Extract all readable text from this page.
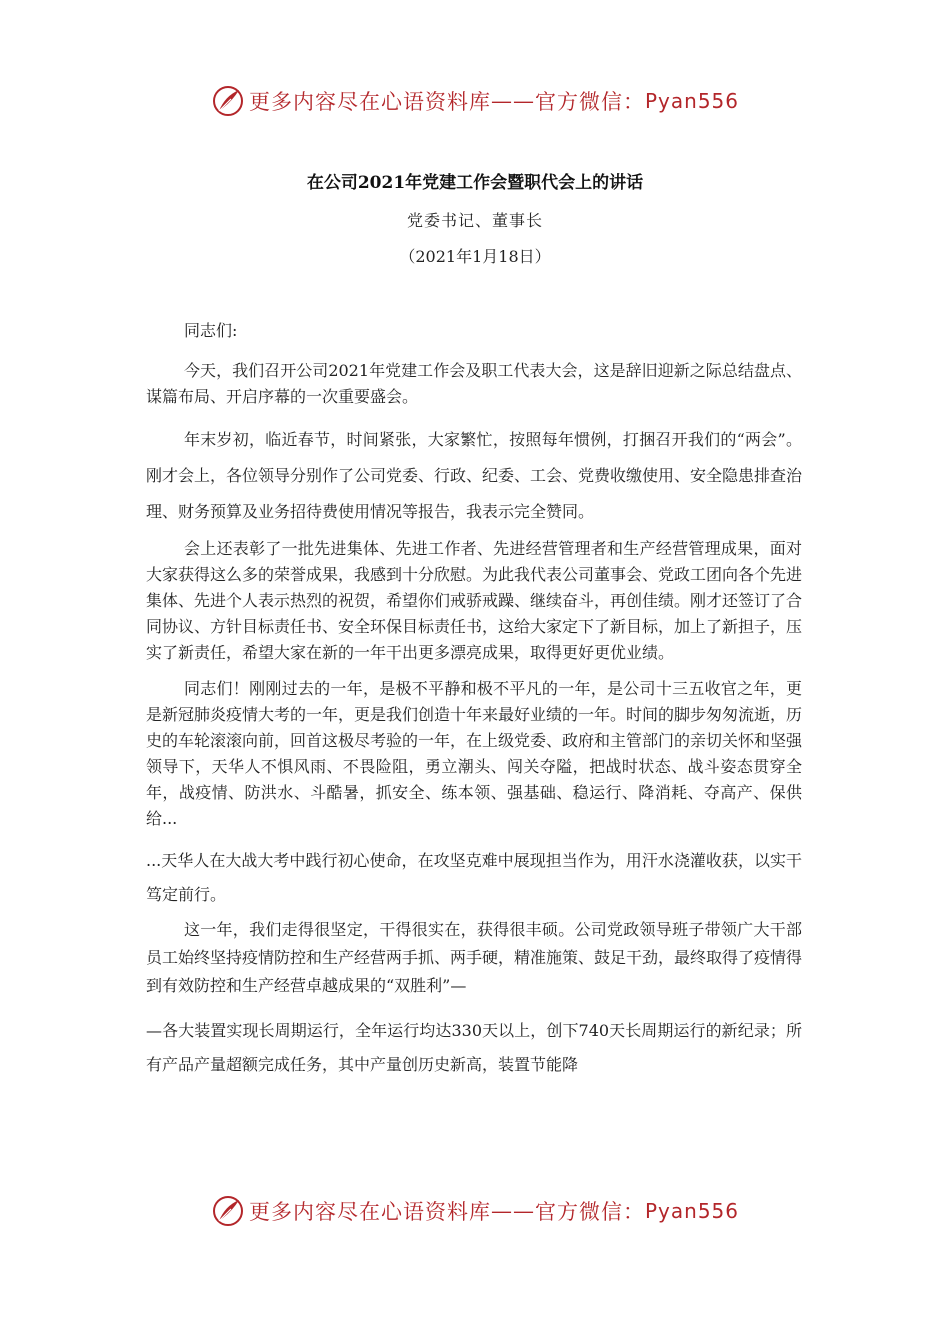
更多内容尽在心语资料库 —— 官方微信： Pyan556
在公司2021年党建工作会暨职代会上的讲话
党委书记、董事长
（2021年1月18日）

同志们:

今天，我们召开公司2021年党建工作会及职工代表大会，这是辞旧迎新之际总结盘点、谋篇布局、开启序幕的一次重要盛会。

年末岁初，临近春节，时间紧张，大家繁忙，按照每年惯例，打捆召开我们的“两会”。刚才会上，各位领导分别作了公司党委、行政、纪委、工会、党费收缴使用、安全隐患排查治理、财务预算及业务招待费使用情况等报告，我表示完全赞同。

会上还表彰了一批先进集体、先进工作者、先进经营管理者和生产经营管理成果，面对大家获得这么多的荣誉成果，我感到十分欣慰。为此我代表公司董事会、党政工团向各个先进集体、先进个人表示热烈的祝贺，希望你们戒骄戒躁、继续奋斗，再创佳绩。刚才还签订了合同协议、方针目标责任书、安全环保目标责任书，这给大家定下了新目标，加上了新担子，压实了新责任，希望大家在新的一年干出更多漂亮成果，取得更好更优业绩。

同志们！刚刚过去的一年，是极不平静和极不平凡的一年，是公司十三五收官之年，更是新冠肺炎疫情大考的一年，更是我们创造十年来最好业绩的一年。时间的脚步匆匆流逝，历史的车轮滚滚向前，回首这极尽考验的一年，在上级党委、政府和主管部门的亲切关怀和坚强领导下，天华人不惧风雨、不畏险阻，勇立潮头、闯关夺隘，把战时状态、战斗姿态贯穿全年，战疫情、防洪水、斗酷暑，抓安全、练本领、强基础、稳运行、降消耗、夺高产、保供给...

...天华人在大战大考中践行初心使命，在攻坚克难中展现担当作为，用汗水浇灌收获，以实干笃定前行。

这一年，我们走得很坚定，干得很实在，获得很丰硕。公司党政领导班子带领广大干部员工始终坚持疫情防控和生产经营两手抓、两手硬，精准施策、鼓足干劲，最终取得了疫情得到有效防控和生产经营卓越成果的“双胜利”—

—各大装置实现长周期运行，全年运行均达330天以上，创下740天长周期运行的新纪录；所有产品产量超额完成任务，其中产量创历史新高，装置节能降

更多内容尽在心语资料库 —— 官方微信： Pyan556
